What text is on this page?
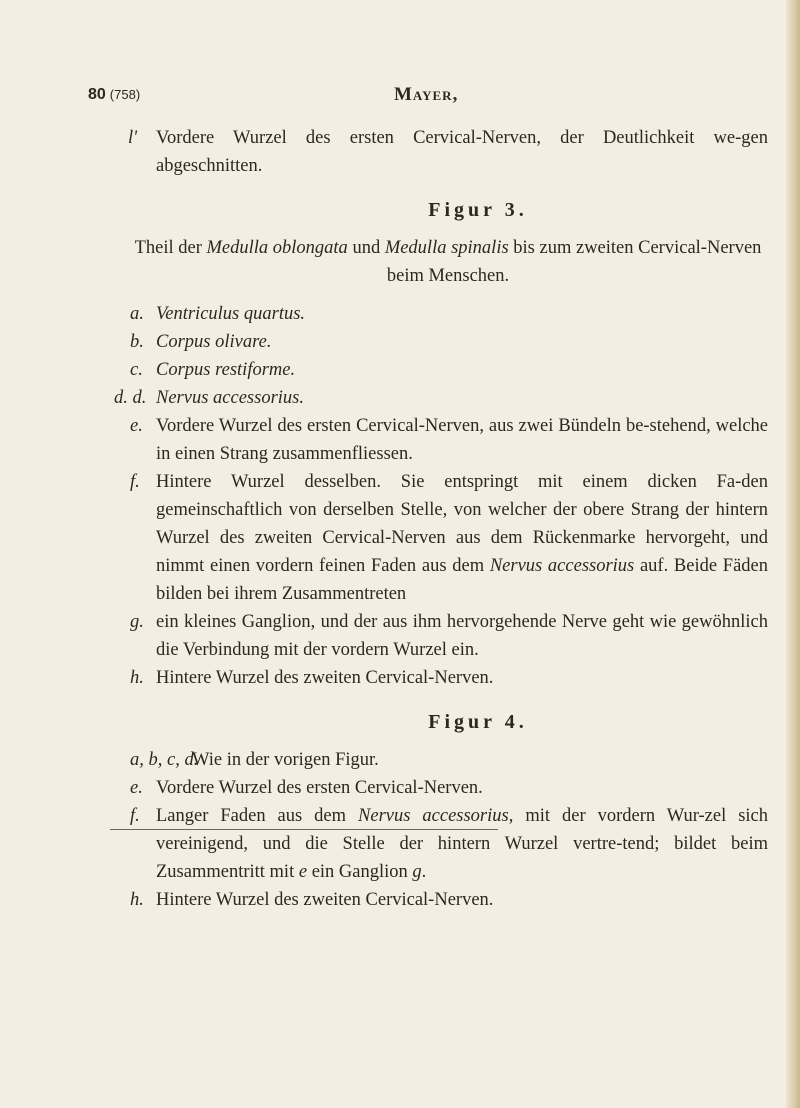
80 (758)	Mayer,

l' Vordere Wurzel des ersten Cervical-Nerven, der Deutlichkeit we-gen abgeschnitten.

Figur 3.

Theil der Medulla oblongata und Medulla spinalis bis zum zweiten Cervical-Nerven beim Menschen.

a. Ventriculus quartus.

b. Corpus olivare.

c. Corpus restiforme.

d. d. Nervus accessorius.

e. Vordere Wurzel des ersten Cervical-Nerven, aus zwei Bündeln be-stehend, welche in einen Strang zusammenfliessen.

f. Hintere Wurzel desselben. Sie entspringt mit einem dicken Fa-den gemeinschaftlich von derselben Stelle, von welcher der obere Strang der hintern Wurzel des zweiten Cervical-Nerven aus dem Rückenmarke hervorgeht, und nimmt einen vordern feinen Faden aus dem Nervus accessorius auf. Beide Fäden bilden bei ihrem Zusammentreten

g. ein kleines Ganglion, und der aus ihm hervorgehende Nerve geht wie gewöhnlich die Verbindung mit der vordern Wurzel ein.

h. Hintere Wurzel des zweiten Cervical-Nerven.

Figur 4.

a, b, c, d.
Wie in der vorigen Figur.

e. Vordere Wurzel des ersten Cervical-Nerven.

f. Langer Faden aus dem Nervus accessorius, mit der vordern Wur-zel sich vereinigend, und die Stelle der hintern Wurzel vertre-tend; bildet beim Zusammentritt mit e ein Ganglion g.

h. Hintere Wurzel des zweiten Cervical-Nerven.
